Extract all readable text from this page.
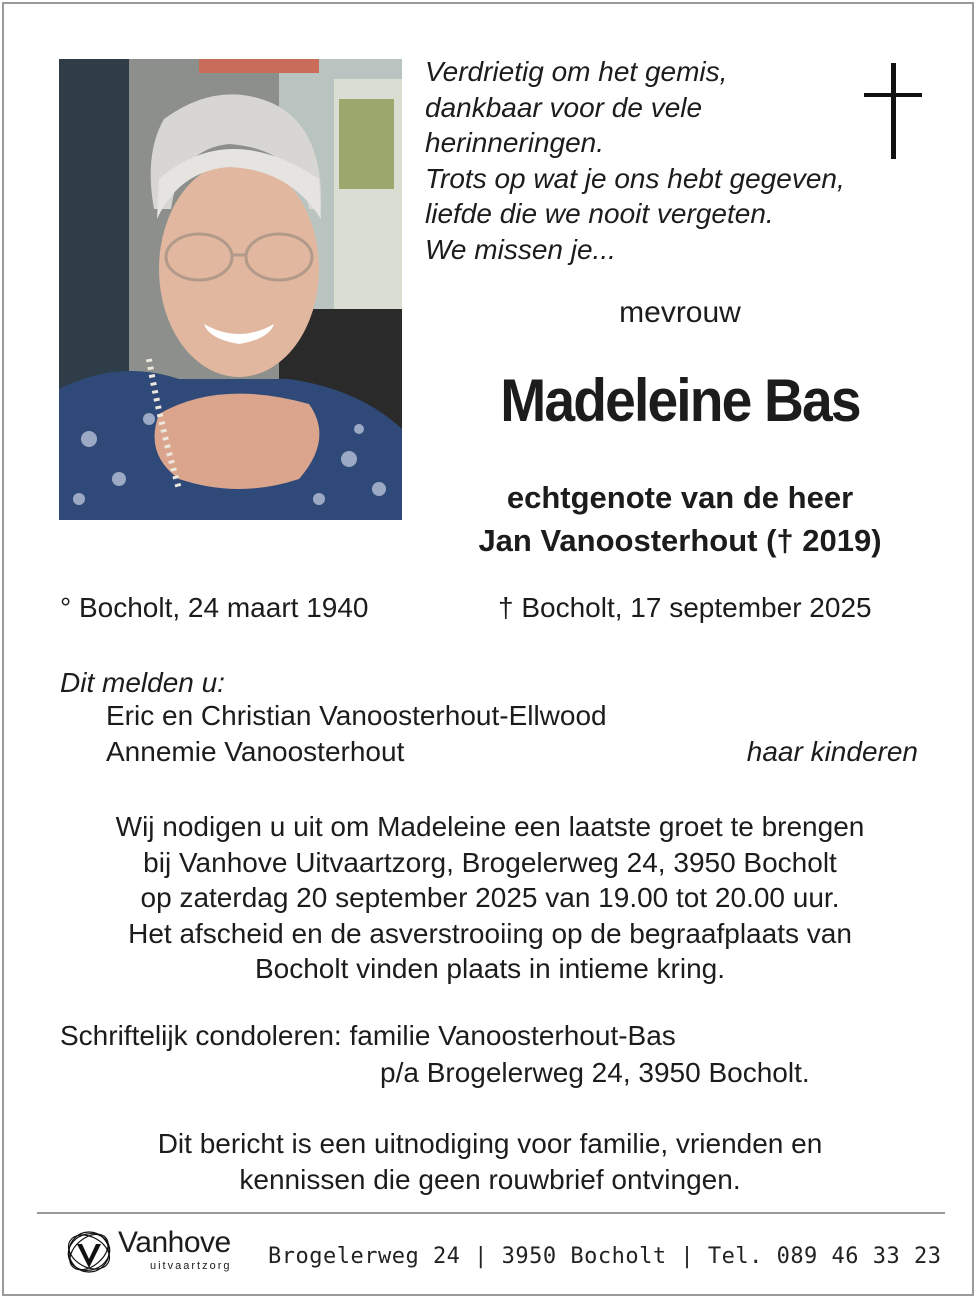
Verdrietig om het gemis,
dankbaar voor de vele
herinneringen.
Trots op wat je ons hebt gegeven,
liefde die we nooit vergeten.
We missen je...
mevrouw
Madeleine Bas
echtgenote van de heer
Jan Vanoosterhout († 2019)
° Bocholt, 24 maart 1940	† Bocholt, 17 september 2025
Dit melden u:
Eric en Christian Vanoosterhout-Ellwood
Annemie Vanoosterhout	haar kinderen
Wij nodigen u uit om Madeleine een laatste groet te brengen
bij Vanhove Uitvaartzorg, Brogelerweg 24, 3950 Bocholt
op zaterdag 20 september 2025 van 19.00 tot 20.00 uur.
Het afscheid en de asverstrooiing op de begraafplaats van
Bocholt vinden plaats in intieme kring.
Schriftelijk condoleren: familie Vanoosterhout-Bas
p/a Brogelerweg 24, 3950 Bocholt.
Dit bericht is een uitnodiging voor familie, vrienden en
kennissen die geen rouwbrief ontvingen.
Vanhove
uitvaartzorg Brogelerweg 24 | 3950 Bocholt | Tel. 089 46 33 23
